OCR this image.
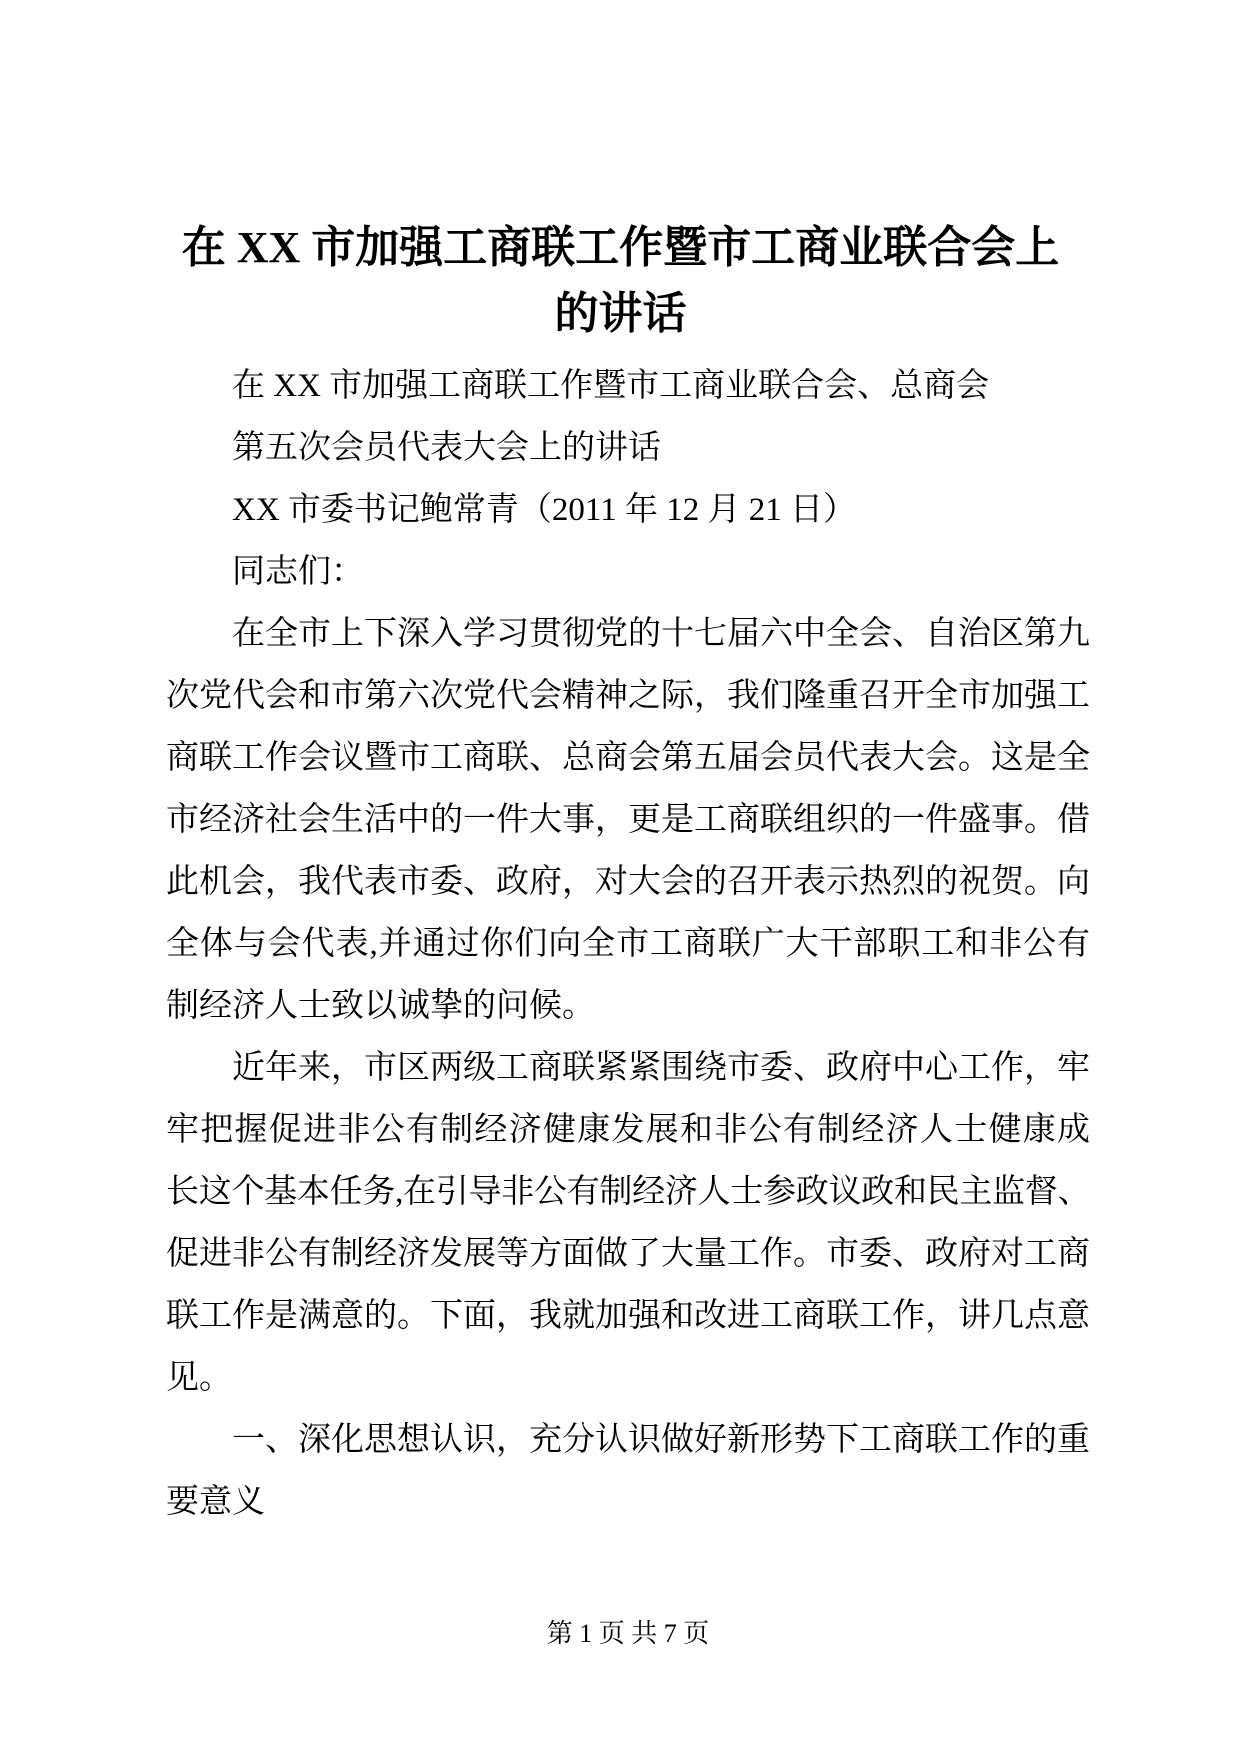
在 XX 市加强工商联工作暨市工商业联合会上
的讲话
在 XX 市加强工商联工作暨市工商业联合会、总商会
第五次会员代表大会上的讲话
XX 市委书记鲍常青（2011 年 12 月 21 日）
同志们：
在全市上下深入学习贯彻党的十七届六中全会、自治区第九
次党代会和市第六次党代会精神之际，我们隆重召开全市加强工
商联工作会议暨市工商联、总商会第五届会员代表大会。这是全
市经济社会生活中的一件大事，更是工商联组织的一件盛事。借
此机会，我代表市委、政府，对大会的召开表示热烈的祝贺。向
全体与会代表,并通过你们向全市工商联广大干部职工和非公有
制经济人士致以诚挚的问候。
近年来，市区两级工商联紧紧围绕市委、政府中心工作，牢
牢把握促进非公有制经济健康发展和非公有制经济人士健康成
长这个基本任务,在引导非公有制经济人士参政议政和民主监督、
促进非公有制经济发展等方面做了大量工作。市委、政府对工商
联工作是满意的。下面，我就加强和改进工商联工作，讲几点意
见。
一、深化思想认识，充分认识做好新形势下工商联工作的重
要意义
第 1 页 共 7 页
